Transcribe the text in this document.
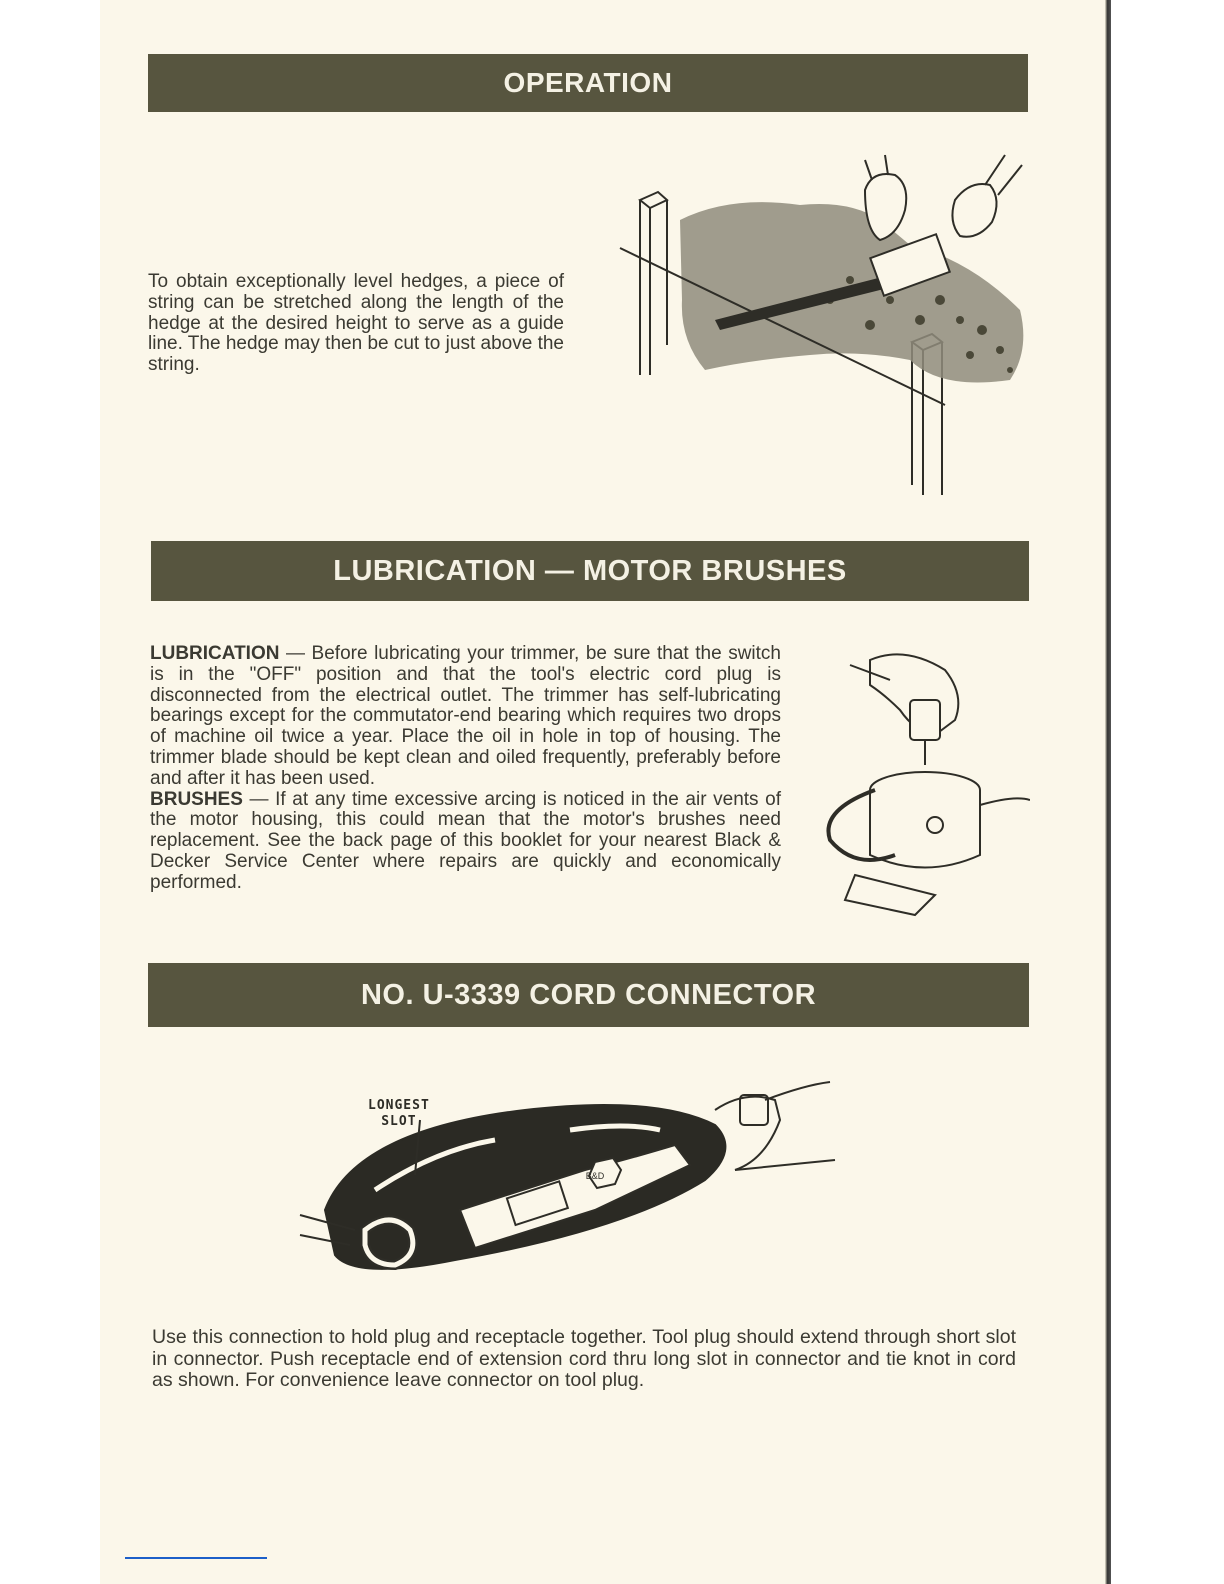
OPERATION
To obtain exceptionally level hedges, a piece of string can be stretched along the length of the hedge at the desired height to serve as a guide line. The hedge may then be cut to just above the string.
LUBRICATION — MOTOR BRUSHES
LUBRICATION — Before lubricating your trimmer, be sure that the switch is in the "OFF" position and that the tool's electric cord plug is disconnected from the electrical outlet. The trimmer has self-lubricating bearings except for the commutator-end bearing which requires two drops of machine oil twice a year. Place the oil in hole in top of housing. The trimmer blade should be kept clean and oiled frequently, preferably before and after it has been used.
BRUSHES — If at any time excessive arcing is noticed in the air vents of the motor housing, this could mean that the motor's brushes need replacement. See the back page of this booklet for your nearest Black & Decker Service Center where repairs are quickly and economically performed.
NO. U-3339 CORD CONNECTOR
B&D
LONGEST
SLOT
Use this connection to hold plug and receptacle together. Tool plug should extend through short slot in connector. Push receptacle end of extension cord thru long slot in connector and tie knot in cord as shown. For convenience leave connector on tool plug.
